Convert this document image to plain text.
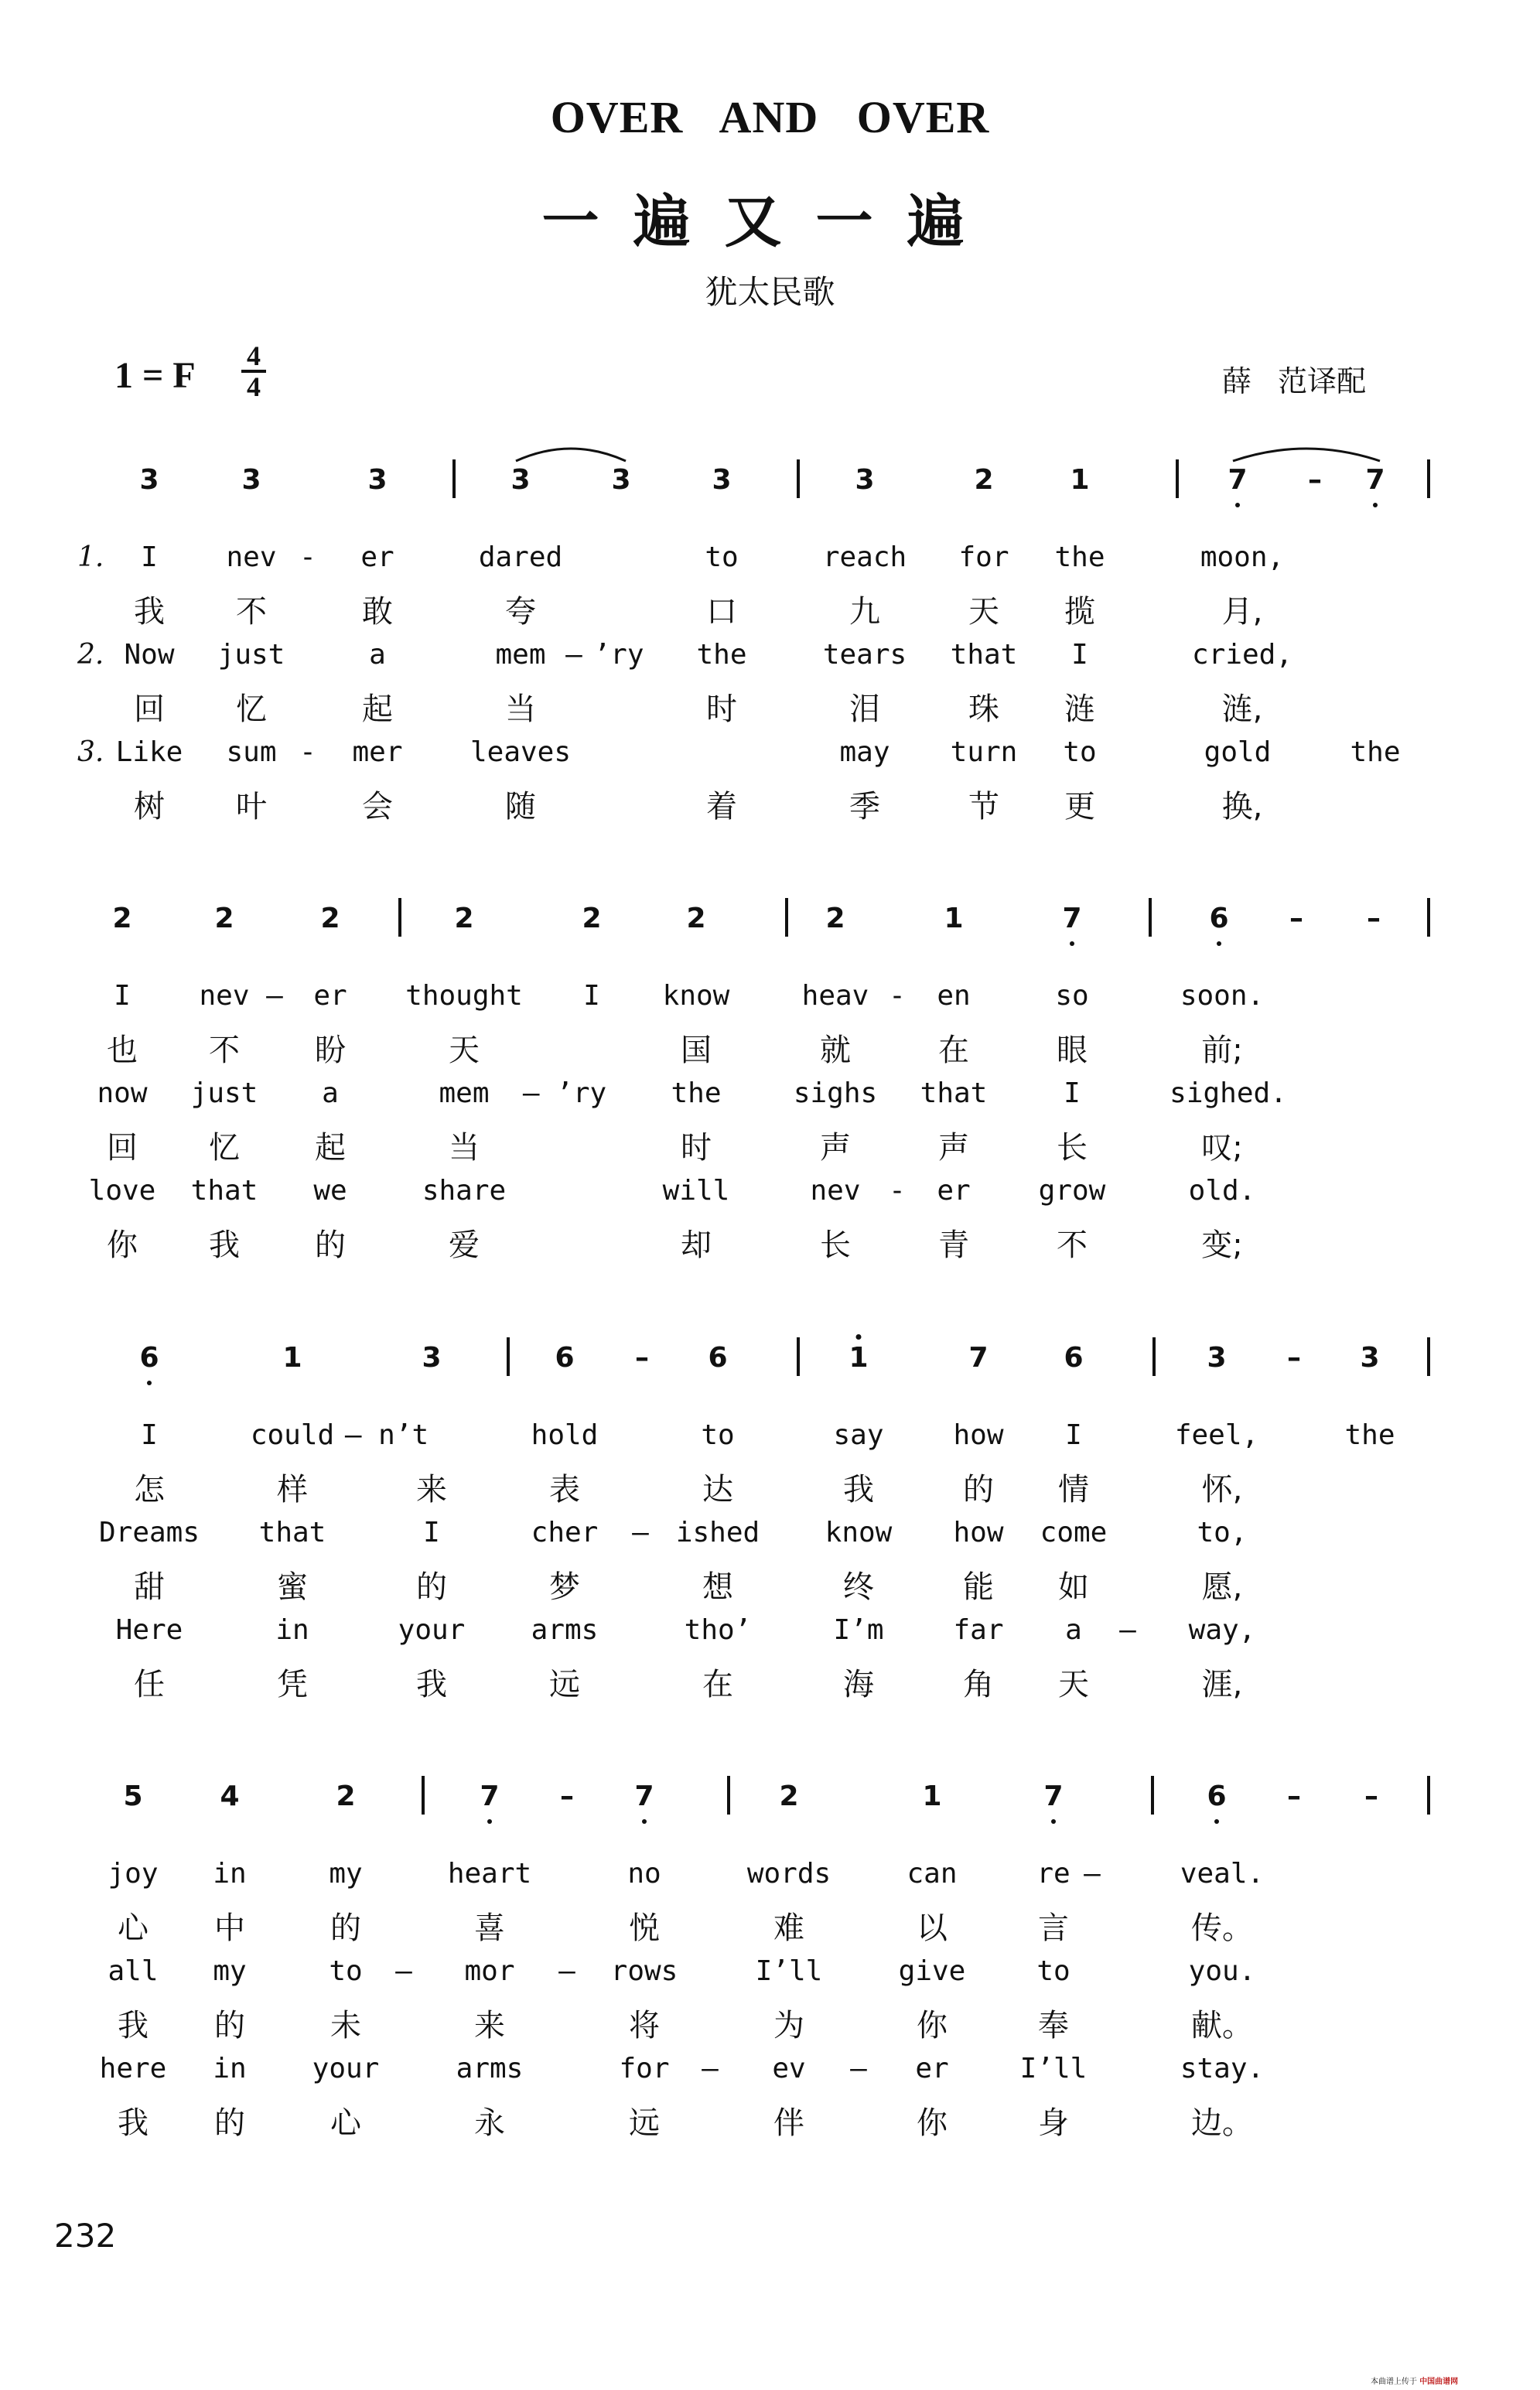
OVER AND OVER
一遍又一遍
犹太民歌
1 = F	4
4	薛 范译配
3	3	3	3	3	3	3	2	1	7 – 7
1. I nev - er	dared	to	reach for the	moon,
我 不	敢	夸	口	九	天 揽	月,
2. Now just	a	mem – ’ry the	tears that I	cried,
回 忆	起	当	时	泪	珠 涟	涟,
3. Like sum - mer leaves	may turn to	gold	the
树 叶	会	随	着	季	节 更	换,
2	2	2	2	2	2	2	1	7	6 – –
I nev – er thought I know	heav - en	so	soon.
也 不 盼	天	国	就	在	眼	前;
now just a	mem – ’ry the	sighs that	I	sighed.
回 忆 起	当	时	声	声	长	叹;
love that we	share	will	nev - er grow	old.
你 我 的	爱	却	长	青	不	变;
6	1	3	6 – 6	1	7	6	3 – 3
I	could – n’t	hold	to	say how I	feel,	the
怎	样	来	表	达	我	的 情	怀,
Dreams that	I	cher – ished know how come	to,
甜	蜜	的	梦	想	终	能 如	愿,
Here	in	your arms	tho’	I’m far a – way,
任	凭	我	远	在	海	角 天	涯,
5	4	2	7 – 7	2	1	7	6 – –
joy in	my	heart	no	words	can	re –	veal.
心 中	的	喜	悦	难	以	言	传。
all my	to – mor – rows	I’ll	give	to	you.
我 的	未	来	将	为	你	奉	献。
here in your	arms	for – ev – er	I’ll	stay.
我 的	心	永	远	伴	你	身	边。
232
本曲谱上传于 中国曲谱网
